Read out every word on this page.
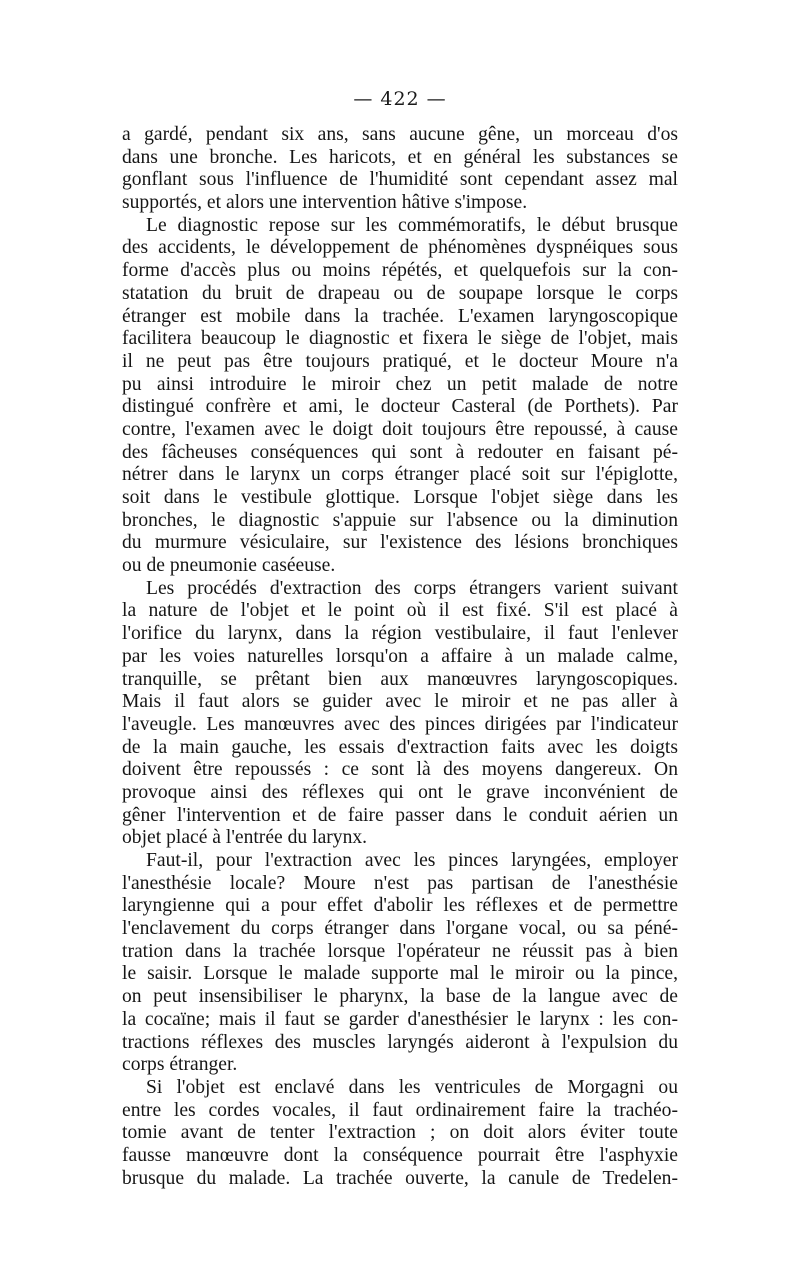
— 422 —
a gardé, pendant six ans, sans aucune gêne, un morceau d'os
dans une bronche. Les haricots, et en général les substances se
gonflant sous l'influence de l'humidité sont cependant assez mal
supportés, et alors une intervention hâtive s'impose.
Le diagnostic repose sur les commémoratifs, le début brusque
des accidents, le développement de phénomènes dyspnéiques sous
forme d'accès plus ou moins répétés, et quelquefois sur la con-
statation du bruit de drapeau ou de soupape lorsque le corps
étranger est mobile dans la trachée. L'examen laryngoscopique
facilitera beaucoup le diagnostic et fixera le siège de l'objet, mais
il ne peut pas être toujours pratiqué, et le docteur Moure n'a
pu ainsi introduire le miroir chez un petit malade de notre
distingué confrère et ami, le docteur Casteral (de Porthets). Par
contre, l'examen avec le doigt doit toujours être repoussé, à cause
des fâcheuses conséquences qui sont à redouter en faisant pé-
nétrer dans le larynx un corps étranger placé soit sur l'épiglotte,
soit dans le vestibule glottique. Lorsque l'objet siège dans les
bronches, le diagnostic s'appuie sur l'absence ou la diminution
du murmure vésiculaire, sur l'existence des lésions bronchiques
ou de pneumonie caséeuse.
Les procédés d'extraction des corps étrangers varient suivant
la nature de l'objet et le point où il est fixé. S'il est placé à
l'orifice du larynx, dans la région vestibulaire, il faut l'enlever
par les voies naturelles lorsqu'on a affaire à un malade calme,
tranquille, se prêtant bien aux manœuvres laryngoscopiques.
Mais il faut alors se guider avec le miroir et ne pas aller à
l'aveugle. Les manœuvres avec des pinces dirigées par l'indicateur
de la main gauche, les essais d'extraction faits avec les doigts
doivent être repoussés : ce sont là des moyens dangereux. On
provoque ainsi des réflexes qui ont le grave inconvénient de
gêner l'intervention et de faire passer dans le conduit aérien un
objet placé à l'entrée du larynx.
Faut-il, pour l'extraction avec les pinces laryngées, employer
l'anesthésie locale? Moure n'est pas partisan de l'anesthésie
laryngienne qui a pour effet d'abolir les réflexes et de permettre
l'enclavement du corps étranger dans l'organe vocal, ou sa péné-
tration dans la trachée lorsque l'opérateur ne réussit pas à bien
le saisir. Lorsque le malade supporte mal le miroir ou la pince,
on peut insensibiliser le pharynx, la base de la langue avec de
la cocaïne; mais il faut se garder d'anesthésier le larynx : les con-
tractions réflexes des muscles laryngés aideront à l'expulsion du
corps étranger.
Si l'objet est enclavé dans les ventricules de Morgagni ou
entre les cordes vocales, il faut ordinairement faire la trachéo-
tomie avant de tenter l'extraction ; on doit alors éviter toute
fausse manœuvre dont la conséquence pourrait être l'asphyxie
brusque du malade. La trachée ouverte, la canule de Tredelen-
